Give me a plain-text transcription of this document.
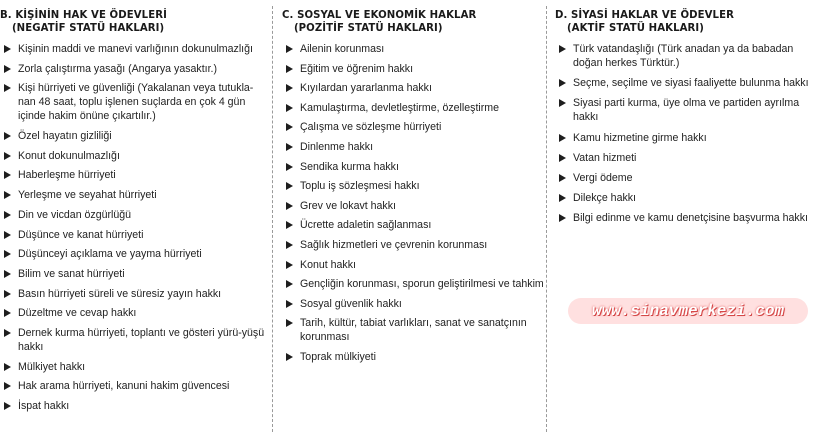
B. KİŞİNİN HAK VE ÖDEVLERİ
(NEGATİF STATÜ HAKLARI)
Kişinin maddi ve manevi varlığının dokunulmazlığı
Zorla çalıştırma yasağı (Angarya yasaktır.)
Kişi hürriyeti ve güvenliği (Yakalanan veya tutukla-nan 48 saat, toplu işlenen suçlarda en çok 4 gün içinde hakim önüne çıkartılır.)
Özel hayatın gizliliği
Konut dokunulmazlığı
Haberleşme hürriyeti
Yerleşme ve seyahat hürriyeti
Din ve vicdan özgürlüğü
Düşünce ve kanat hürriyeti
Düşünceyi açıklama ve yayma hürriyeti
Bilim ve sanat hürriyeti
Basın hürriyeti süreli ve süresiz yayın hakkı
Düzeltme ve cevap hakkı
Dernek kurma hürriyeti, toplantı ve gösteri yürü-yüşü hakkı
Mülkiyet hakkı
Hak arama hürriyeti, kanuni hakim güvencesi
İspat hakkı
C. SOSYAL VE EKONOMİK HAKLAR
(POZİTİF STATÜ HAKLARI)
Ailenin korunması
Eğitim ve öğrenim hakkı
Kıyılardan yararlanma hakkı
Kamulaştırma, devletleştirme, özelleştirme
Çalışma ve sözleşme hürriyeti
Dinlenme hakkı
Sendika kurma hakkı
Toplu iş sözleşmesi hakkı
Grev ve lokavt hakkı
Ücrette adaletin sağlanması
Sağlık hizmetleri ve çevrenin korunması
Konut hakkı
Gençliğin korunması, sporun geliştirilmesi ve tahkim
Sosyal güvenlik hakkı
Tarih, kültür, tabiat varlıkları, sanat ve sanatçının korunması
Toprak mülkiyeti
D. SİYASİ HAKLAR VE ÖDEVLER
(AKTİF STATÜ HAKLARI)
Türk vatandaşlığı (Türk anadan ya da babadan doğan herkes Türktür.)
Seçme, seçilme ve siyasi faaliyette bulunma hakkı
Siyasi parti kurma, üye olma ve partiden ayrılma hakkı
Kamu hizmetine girme hakkı
Vatan hizmeti
Vergi ödeme
Dilekçe hakkı
Bilgi edinme ve kamu denetçisine başvurma hakkı
www.sinavmerkezi.com
